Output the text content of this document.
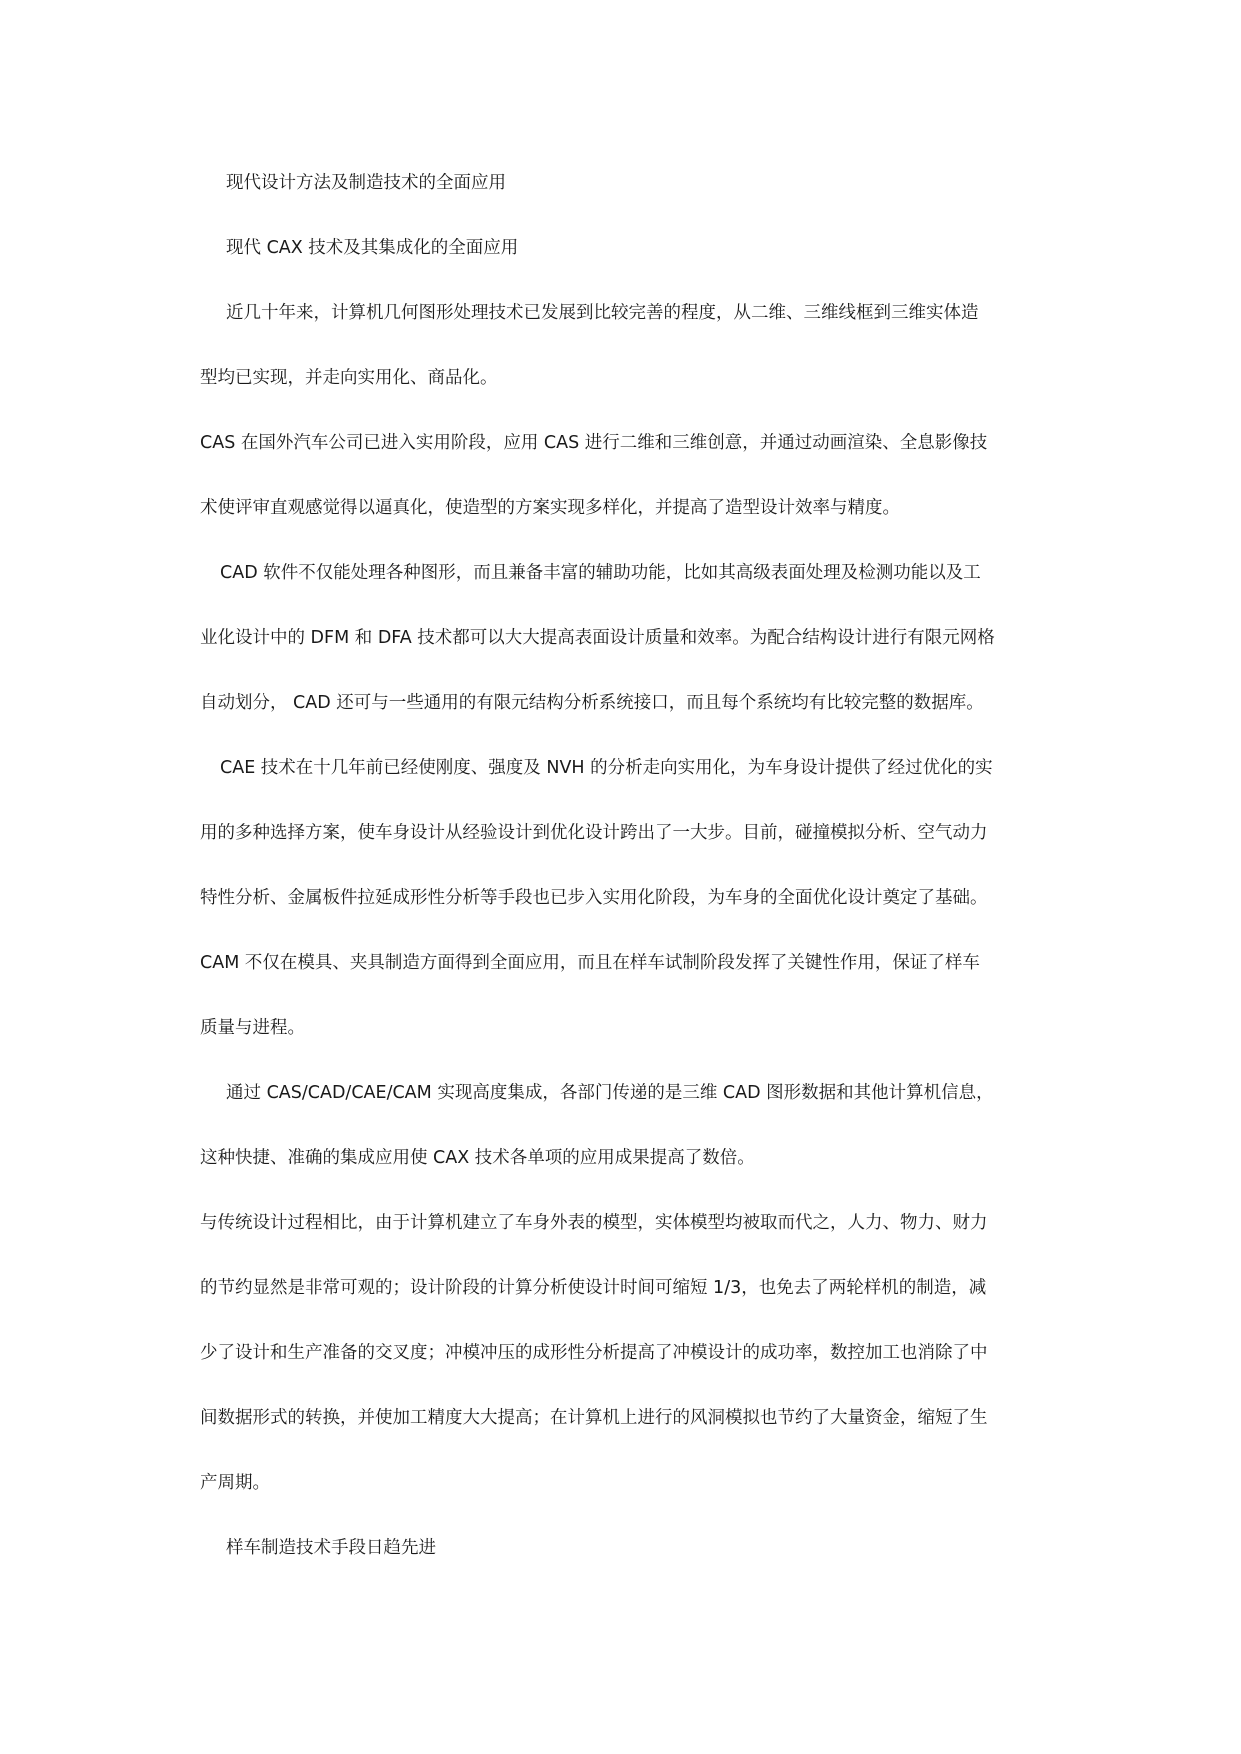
现代设计方法及制造技术的全面应用
现代 CAX 技术及其集成化的全面应用
近几十年来，计算机几何图形处理技术已发展到比较完善的程度，从二维、三维线框到三维实体造
型均已实现，并走向实用化、商品化。
CAS 在国外汽车公司已进入实用阶段，应用 CAS 进行二维和三维创意，并通过动画渲染、全息影像技
术使评审直观感觉得以逼真化，使造型的方案实现多样化，并提高了造型设计效率与精度。
CAD 软件不仅能处理各种图形，而且兼备丰富的辅助功能，比如其高级表面处理及检测功能以及工
业化设计中的 DFM 和 DFA 技术都可以大大提高表面设计质量和效率。为配合结构设计进行有限元网格
自动划分， CAD 还可与一些通用的有限元结构分析系统接口，而且每个系统均有比较完整的数据库。
CAE 技术在十几年前已经使刚度、强度及 NVH 的分析走向实用化，为车身设计提供了经过优化的实
用的多种选择方案，使车身设计从经验设计到优化设计跨出了一大步。目前，碰撞模拟分析、空气动力
特性分析、金属板件拉延成形性分析等手段也已步入实用化阶段，为车身的全面优化设计奠定了基础。
CAM 不仅在模具、夹具制造方面得到全面应用，而且在样车试制阶段发挥了关键性作用，保证了样车
质量与进程。
通过 CAS/CAD/CAE/CAM 实现高度集成，各部门传递的是三维 CAD 图形数据和其他计算机信息，
这种快捷、准确的集成应用使 CAX 技术各单项的应用成果提高了数倍。
与传统设计过程相比，由于计算机建立了车身外表的模型，实体模型均被取而代之，人力、物力、财力
的节约显然是非常可观的；设计阶段的计算分析使设计时间可缩短 1/3，也免去了两轮样机的制造，减
少了设计和生产准备的交叉度；冲模冲压的成形性分析提高了冲模设计的成功率，数控加工也消除了中
间数据形式的转换，并使加工精度大大提高；在计算机上进行的风洞模拟也节约了大量资金，缩短了生
产周期。
样车制造技术手段日趋先进
